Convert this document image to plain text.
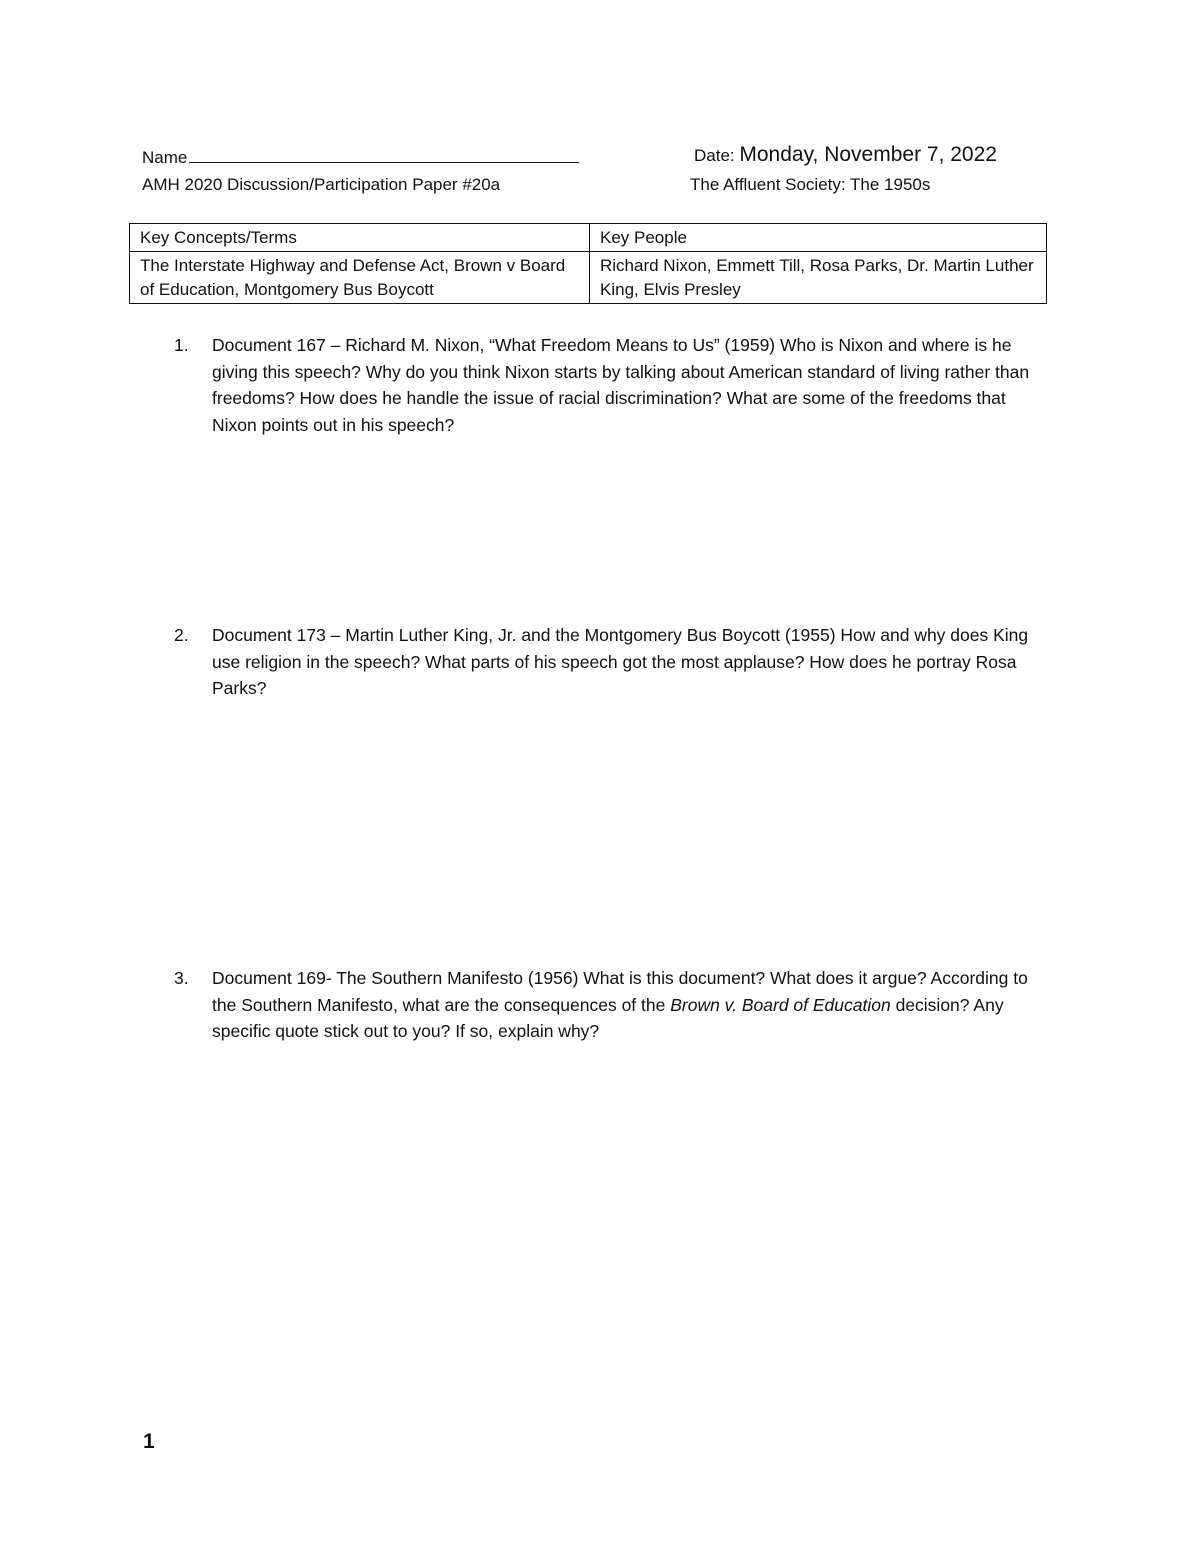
Name	Date: Monday, November 7, 2022
AMH 2020 Discussion/Participation Paper #20a	The Affluent Society: The 1950s
Key Concepts/Terms	Key People
The Interstate Highway and Defense Act, Brown v Board of Education, Montgomery Bus Boycott	Richard Nixon, Emmett Till, Rosa Parks, Dr. Martin Luther King, Elvis Presley
1. Document 167 – Richard M. Nixon, “What Freedom Means to Us” (1959) Who is Nixon and where is he giving this speech? Why do you think Nixon starts by talking about American standard of living rather than freedoms? How does he handle the issue of racial discrimination? What are some of the freedoms that Nixon points out in his speech?
2. Document 173 – Martin Luther King, Jr. and the Montgomery Bus Boycott (1955) How and why does King use religion in the speech? What parts of his speech got the most applause? How does he portray Rosa Parks?
3. Document 169- The Southern Manifesto (1956) What is this document? What does it argue? According to the Southern Manifesto, what are the consequences of the Brown v. Board of Education decision? Any specific quote stick out to you? If so, explain why?
1
